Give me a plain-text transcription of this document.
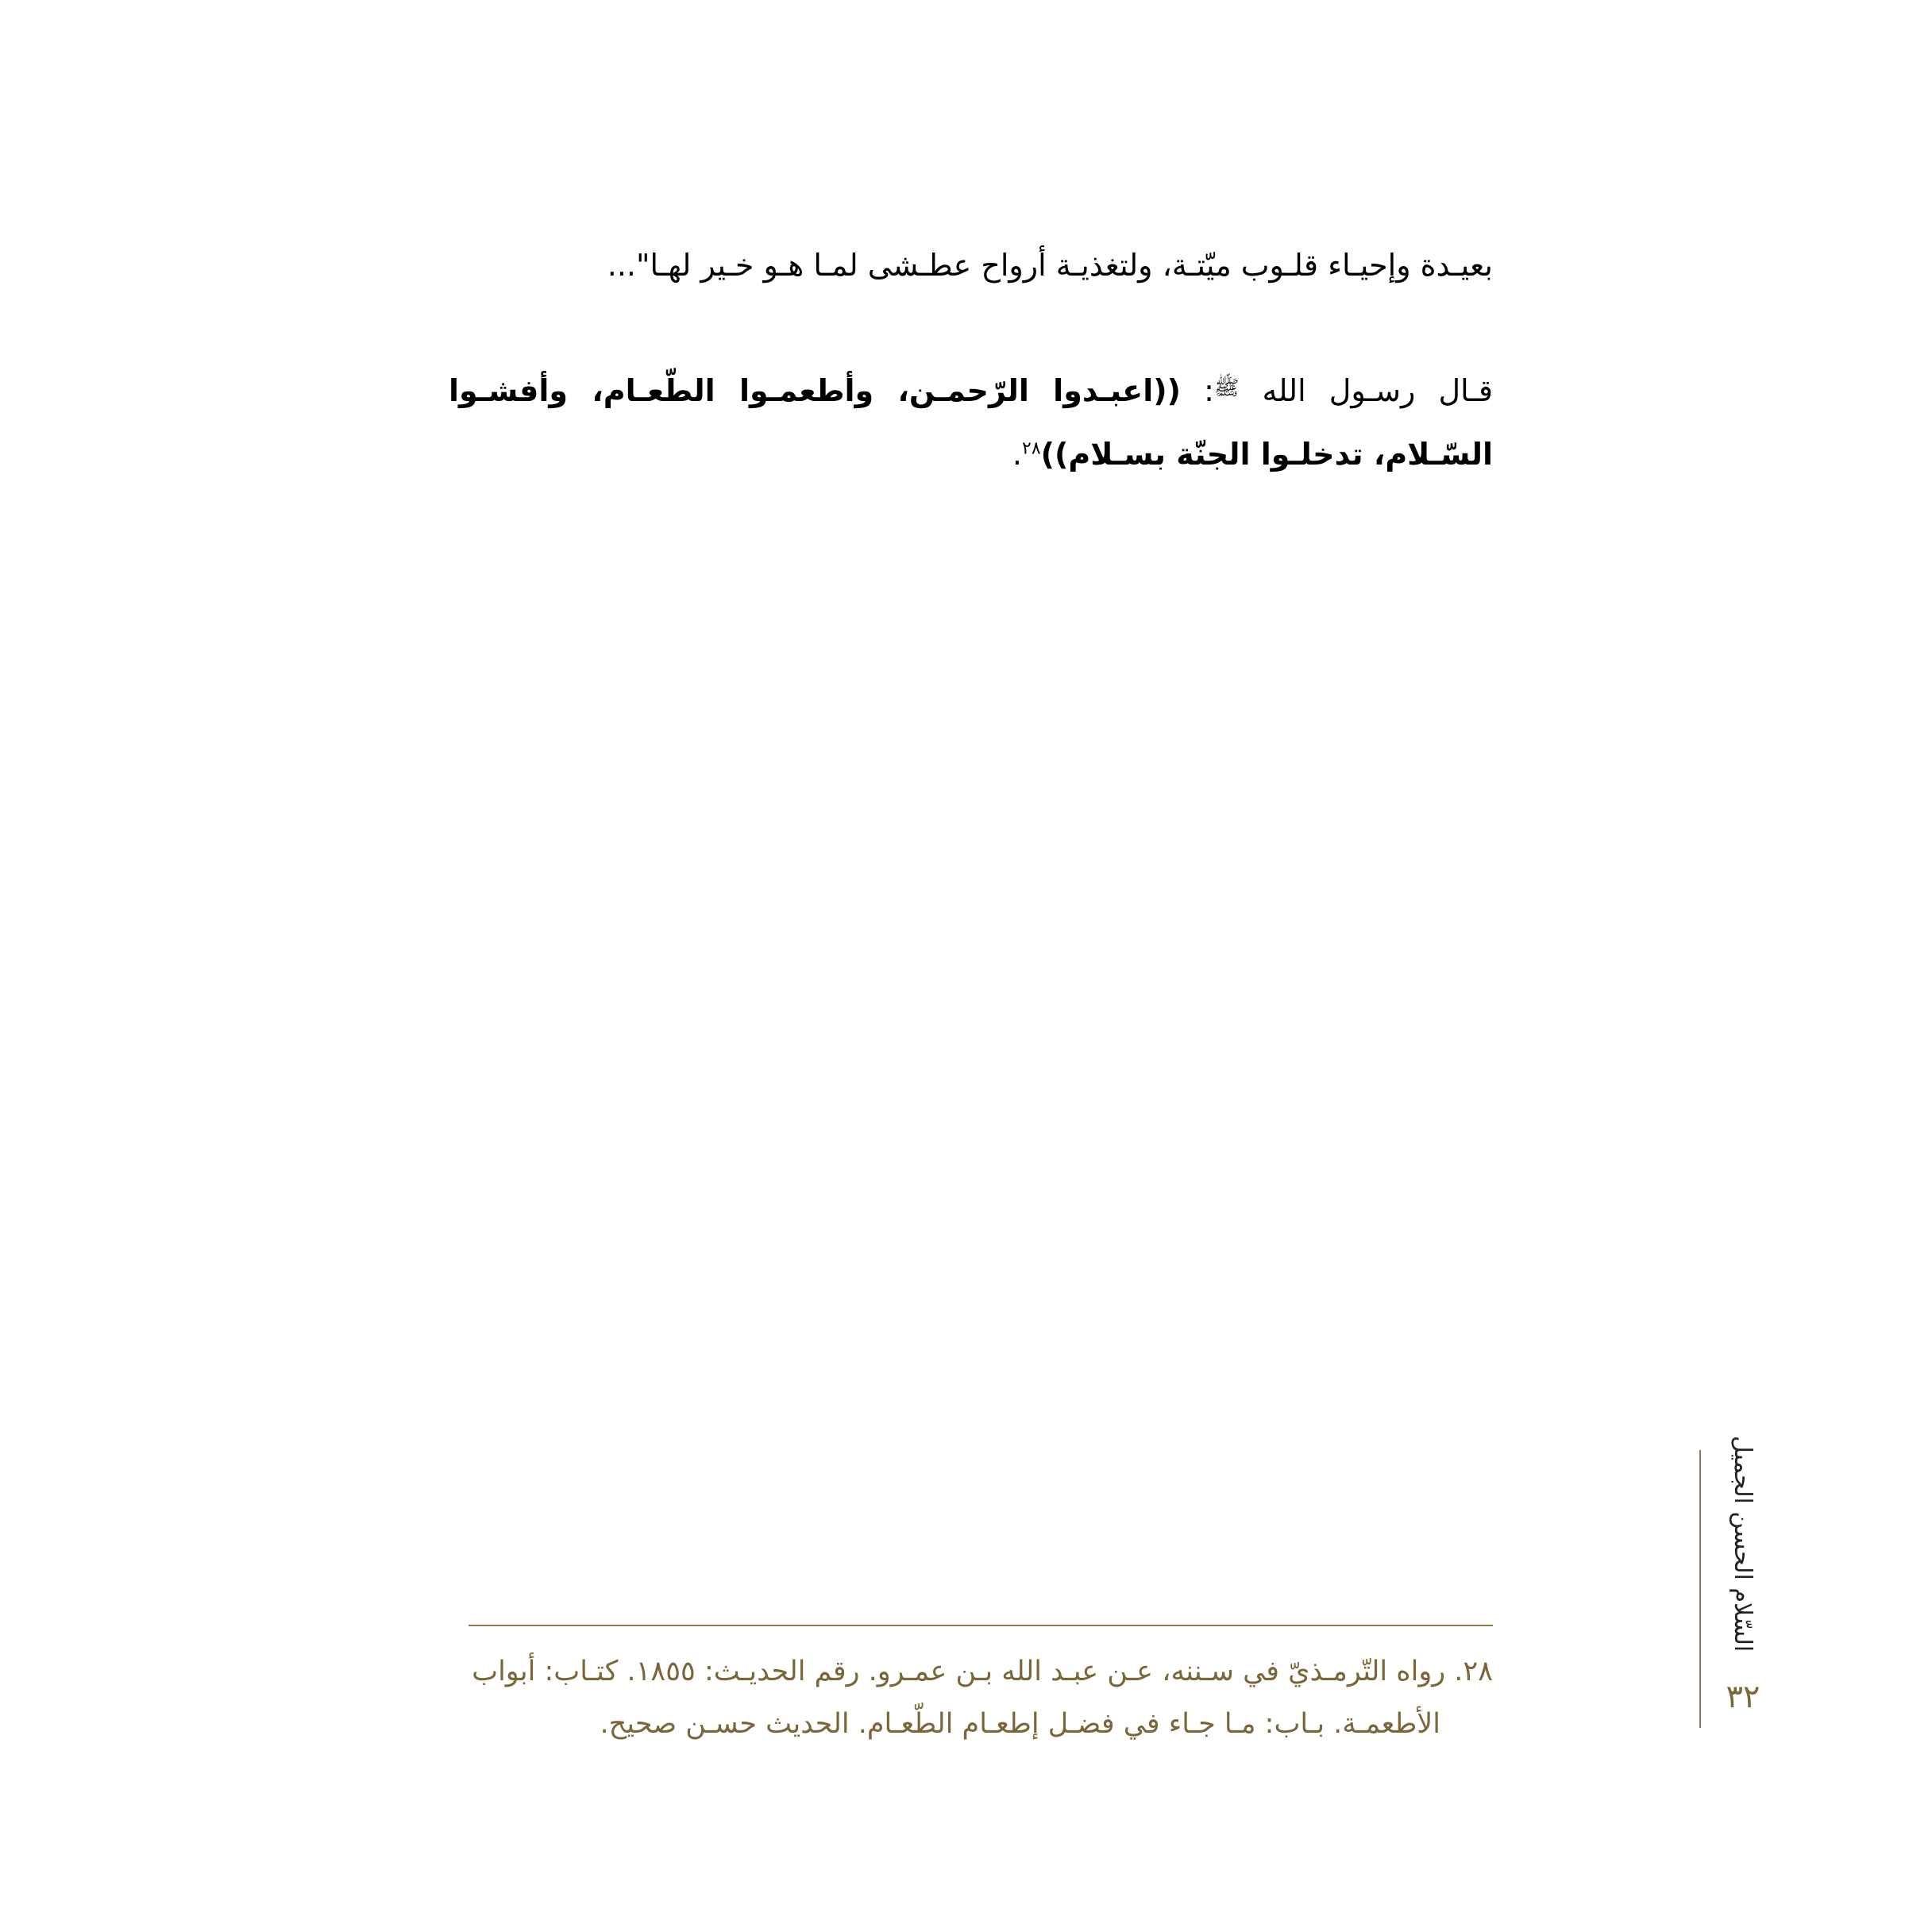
بعيـدة وإحيـاء قلـوب ميّتـة، ولتغذيـة أرواح عطـشى لمـا هـو خـير لهـا"...
قـال رسـول الله $^ﷺ$: ((اعبـدوا الرّحمـن، وأطعمـوا الطّعـام، وأفشـوا السّـلام، تدخلـوا الجنّة بسـلام))$^{٢٨}$.
٢٨. رواه التّرمـذيّ في سـننه، عـن عبـد الله بـن عمـرو. رقم الحديـث: ١٨٥٥. كتـاب: أبواب
الأطعمـة. بـاب: مـا جـاء في فضـل إطعـام الطّعـام. الحديث حسـن صحيح.
السّلام الحسن الجميل
٣٢
